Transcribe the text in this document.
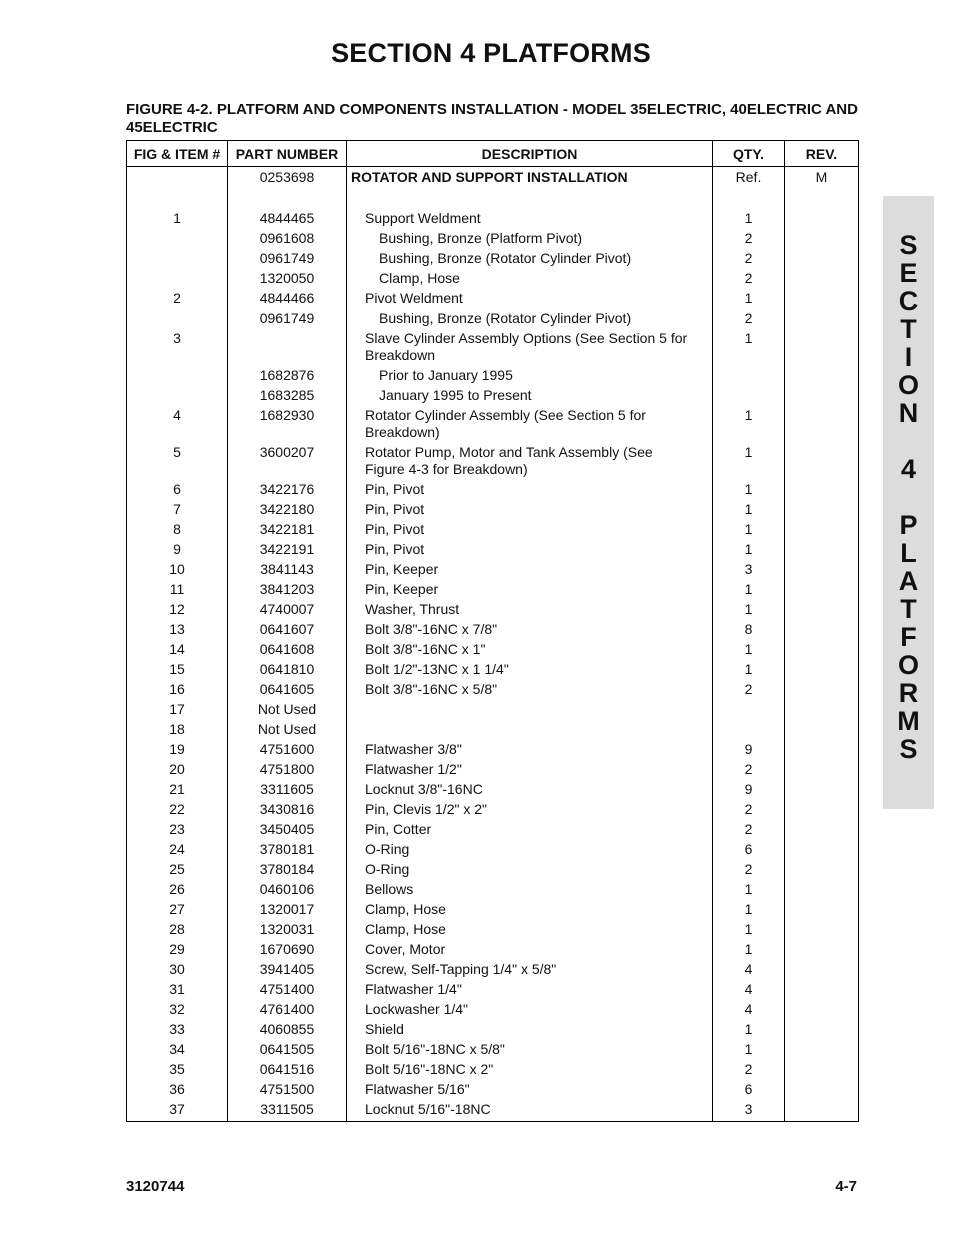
SECTION 4 PLATFORMS
FIGURE 4-2. PLATFORM AND COMPONENTS INSTALLATION - MODEL 35ELECTRIC, 40ELECTRIC AND 45ELECTRIC
FIG & ITEM #	PART NUMBER	DESCRIPTION	QTY.	REV.
	0253698	ROTATOR AND SUPPORT INSTALLATION	Ref.	M
1	4844465	Support Weldment	1	
	0961608	Bushing, Bronze (Platform Pivot)	2	
	0961749	Bushing, Bronze (Rotator Cylinder Pivot)	2	
	1320050	Clamp, Hose	2	
2	4844466	Pivot Weldment	1	
	0961749	Bushing, Bronze (Rotator Cylinder Pivot)	2	
3		Slave Cylinder Assembly Options (See Section 5 for Breakdown	1	
	1682876	Prior to January 1995		

	1683285	January 1995 to Present		

4	1682930	Rotator Cylinder Assembly (See Section 5 for Breakdown)	1	
5	3600207	Rotator Pump, Motor and Tank Assembly (See Figure 4-3 for Breakdown)	1	
6	3422176	Pin, Pivot	1	
7	3422180	Pin, Pivot	1	
8	3422181	Pin, Pivot	1	
9	3422191	Pin, Pivot	1	
10	3841143	Pin, Keeper	3	
11	3841203	Pin, Keeper	1	
12	4740007	Washer, Thrust	1	
13	0641607	Bolt 3/8"-16NC x 7/8"	8	
14	0641608	Bolt 3/8"-16NC x 1"	1	
15	0641810	Bolt 1/2"-13NC x 1 1/4"	1	
16	0641605	Bolt 3/8"-16NC x 5/8"	2	
17	Not Used	

18	Not Used	

19	4751600	Flatwasher 3/8"	9	
20	4751800	Flatwasher 1/2"	2	
21	3311605	Locknut 3/8"-16NC	9	
22	3430816	Pin, Clevis 1/2" x 2"	2	
23	3450405	Pin, Cotter	2	
24	3780181	O-Ring	6	
25	3780184	O-Ring	2	
26	0460106	Bellows	1	
27	1320017	Clamp, Hose	1	
28	1320031	Clamp, Hose	1	
29	1670690	Cover, Motor	1	
30	3941405	Screw, Self-Tapping 1/4" x 5/8"	4	
31	4751400	Flatwasher 1/4"	4	
32	4761400	Lockwasher 1/4"	4	
33	4060855	Shield	1	
34	0641505	Bolt 5/16"-18NC x 5/8"	1	
35	0641516	Bolt 5/16"-18NC x 2"	2	
36	4751500	Flatwasher 5/16"	6	
37	3311505	Locknut 5/16"-18NC	3	
S
E
C
T
I
O
N

4

P
L
A
T
F
O
R
M
S
3120744	4-7
